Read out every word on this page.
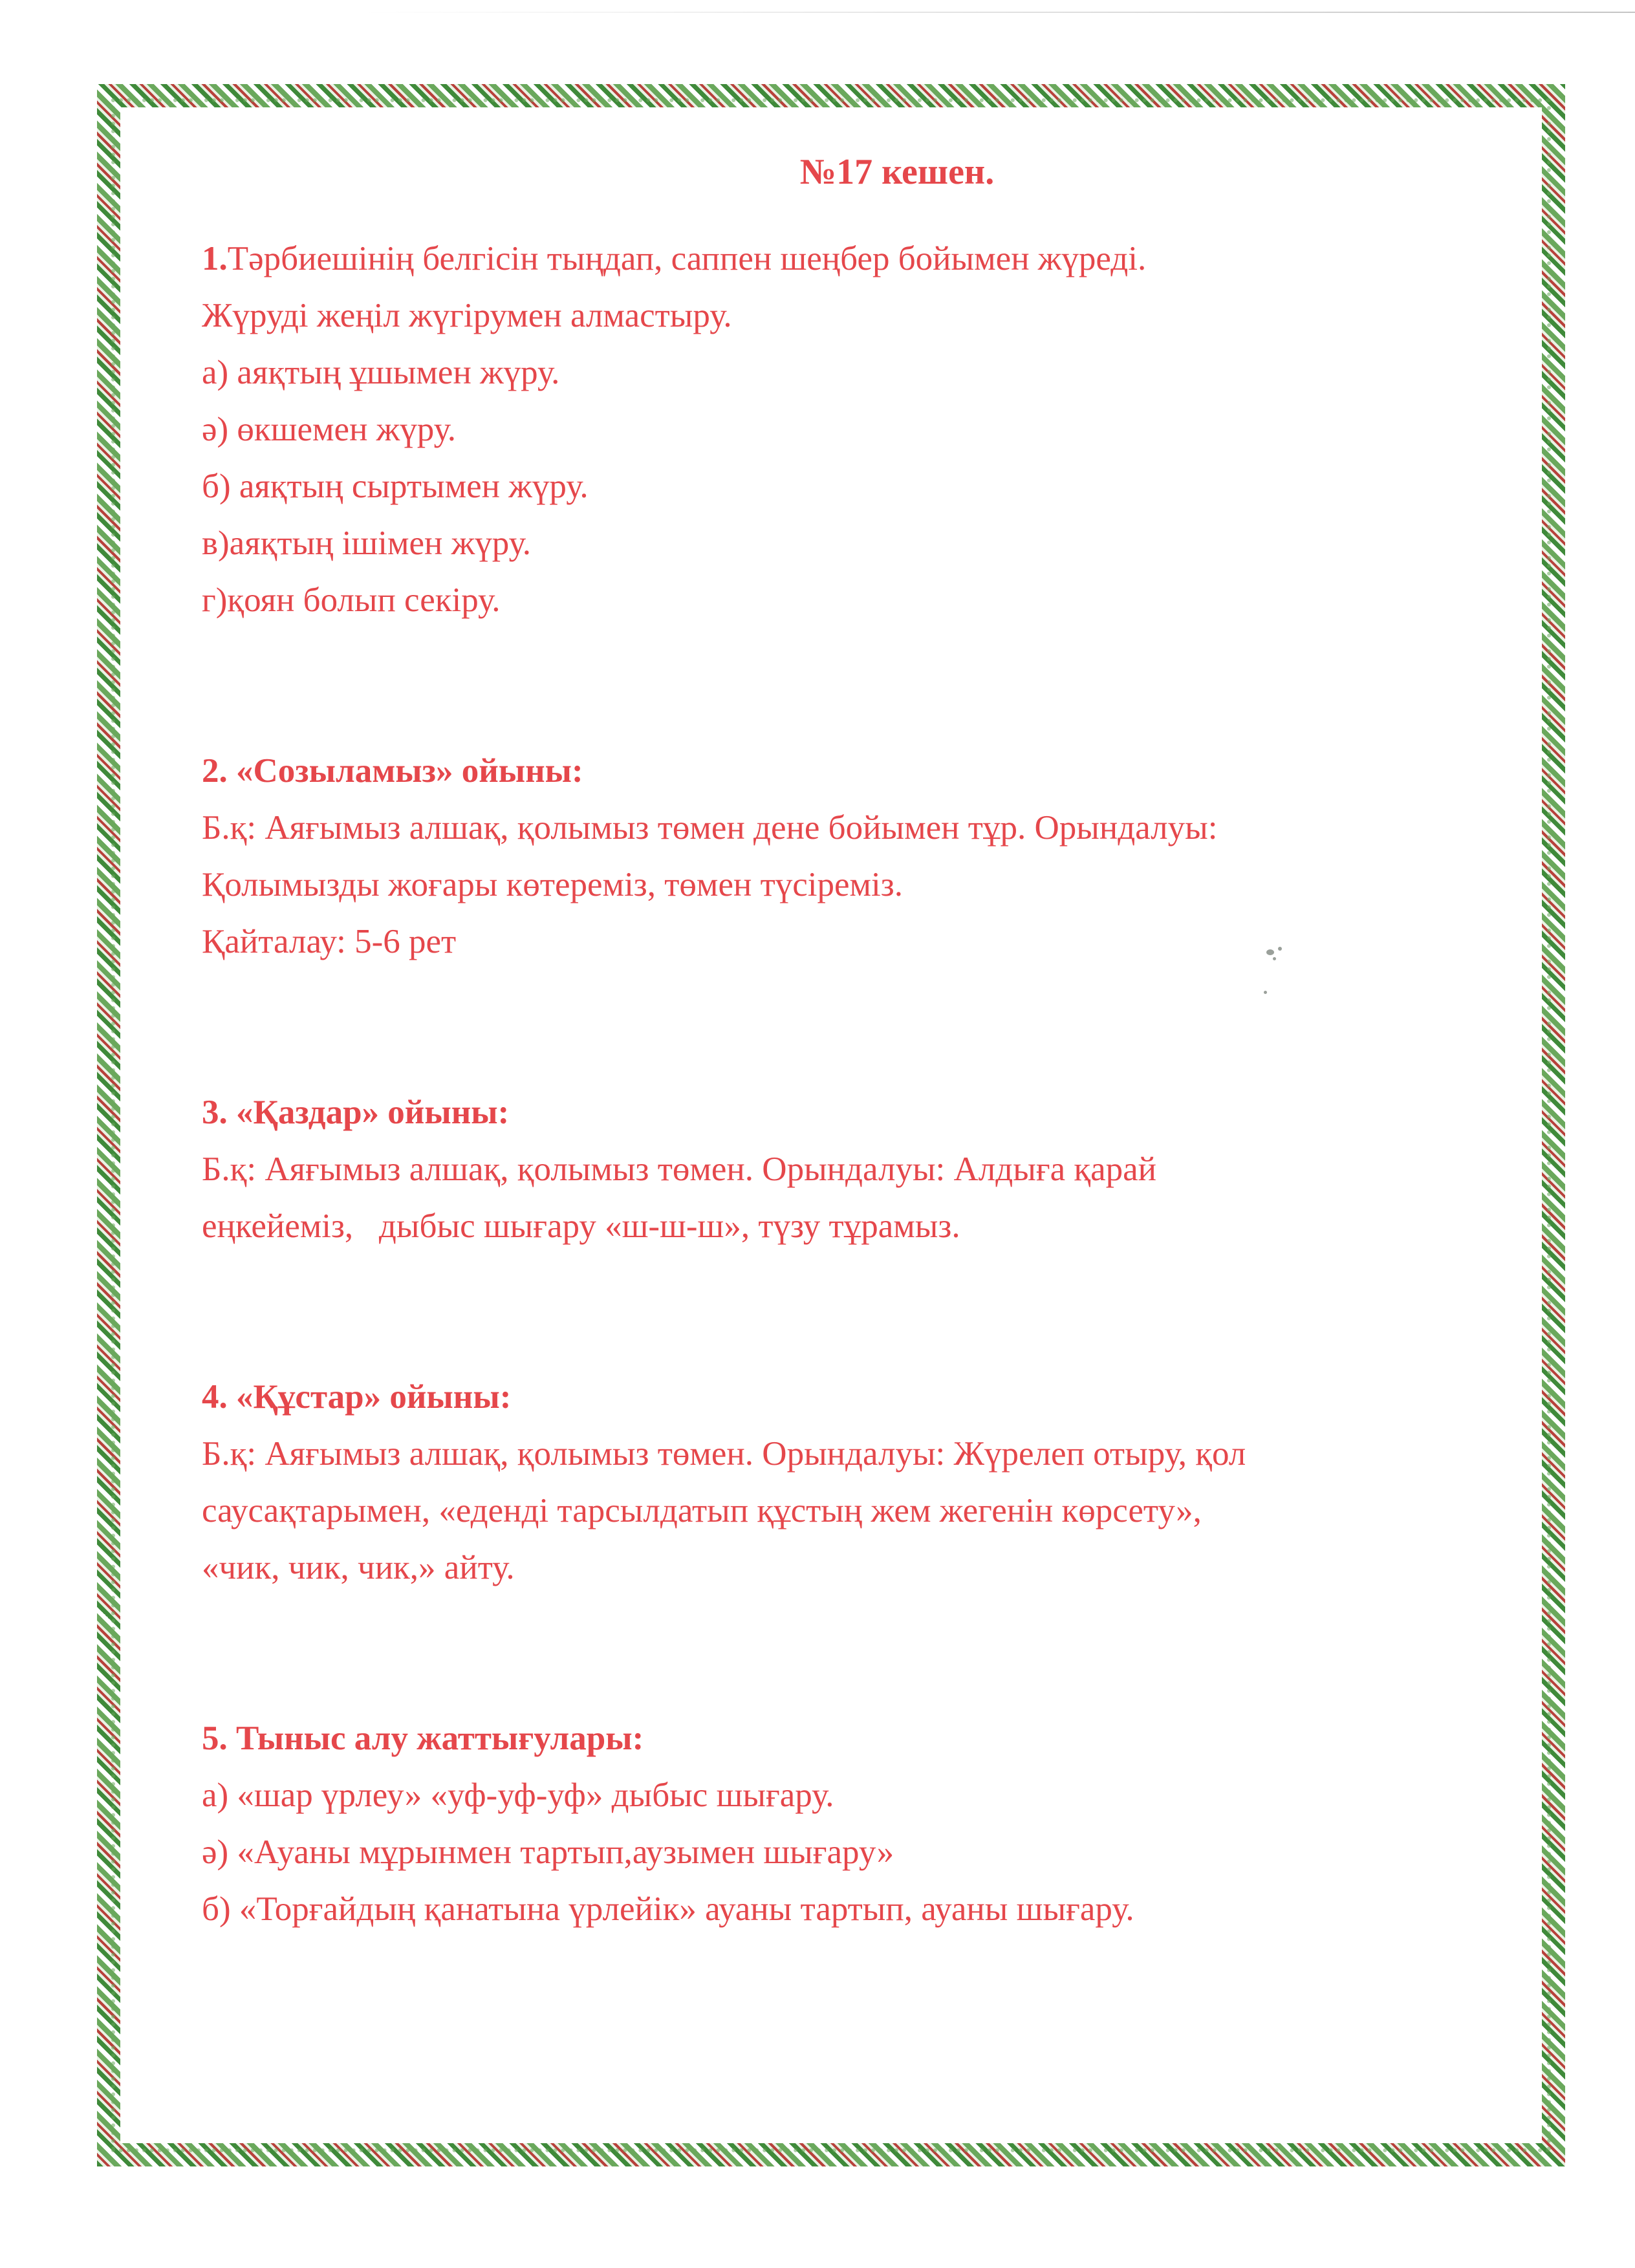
№17 кешен.

1.Тәрбиешінің белгісін тыңдап, саппен шеңбер бойымен жүреді.

Жүруді жеңіл жүгірумен алмастыру.

а) аяқтың ұшымен жүру.

ә) өкшемен жүру.

б) аяқтың сыртымен жүру.

в)аяқтың ішімен жүру.

г)қоян болып секіру.

2. «Созыламыз» ойыны:

Б.қ: Аяғымыз алшақ, қолымыз төмен дене бойымен тұр. Орындалуы:

Қолымызды жоғары көтереміз, төмен түсіреміз.

Қайталау: 5-6 рет

3. «Қаздар» ойыны:

Б.қ: Аяғымыз алшақ, қолымыз төмен. Орындалуы: Алдыға қарай

еңкейеміз,   дыбыс шығару «ш-ш-ш», түзу тұрамыз.

4. «Құстар» ойыны:

Б.қ: Аяғымыз алшақ, қолымыз төмен. Орындалуы: Жүрелеп отыру, қол

саусақтарымен, «еденді тарсылдатып құстың жем жегенін көрсету»,

«чик, чик, чик,» айту.

5. Тыныс алу жаттығулары:

а) «шар үрлеу» «уф-уф-уф» дыбыс шығару.

ә) «Ауаны мұрынмен тартып,аузымен шығару»

б) «Торғайдың қанатына үрлейік» ауаны тартып, ауаны шығару.
